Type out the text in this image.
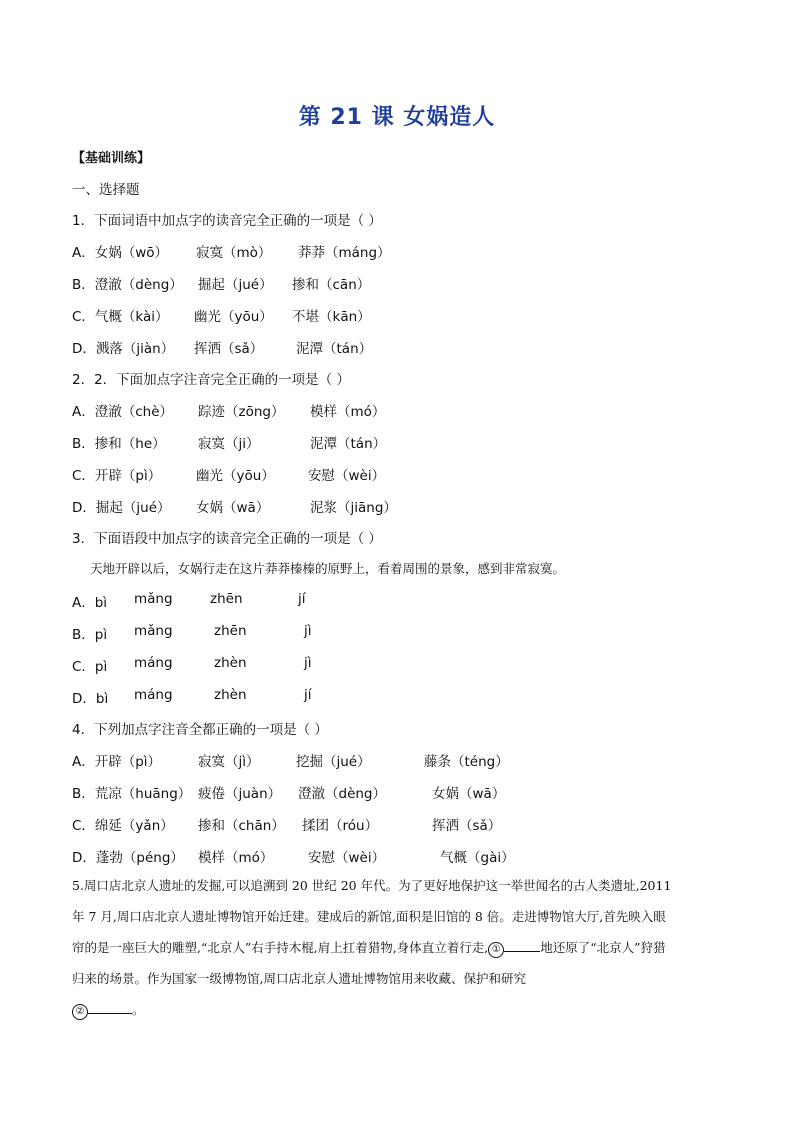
第 21 课 女娲造人
【基础训练】
一、选择题
1．下面词语中加点字的读音完全正确的一项是（ ）
A．女娲（wō） 寂寞（mò） 莽莽（máng）
B．澄澈（dèng） 掘起（jué） 掺和（cān）
C．气概（kài） 幽光（yōu） 不堪（kān）
D．溅落（jiàn） 挥洒（sǎ） 泥潭（tán）
2．2．下面加点字注音完全正确的一项是（ ）
A．澄澈（chè） 踪迹（zōng） 模样（mó）
B．掺和（he） 寂寞（ji）	泥潭（tán）
C．开辟（pì）	幽光（yōu） 安慰（wèi）
D．掘起（jué） 女娲（wā）	泥浆（jiāng）
3．下面语段中加点字的读音完全正确的一项是（ ）
天地开辟以后，女娲行走在这片莽莽榛榛的原野上，看着周围的景象，感到非常寂寞。
A．bì mǎng	zhēn	jí
B．pì mǎng	zhēn	jì
C．pì máng	zhèn	jì
D．bì máng	zhèn	jí
4．下列加点字注音全都正确的一项是（ ）
A．开辟（pì）	寂寞（jì）	挖掘（jué）	藤条（téng）
B．荒凉（huāng） 疲倦（juàn） 澄澈（dèng）	女娲（wā）
C．绵延（yǎn） 掺和（chān） 揉团（róu）	挥洒（sǎ）
D．蓬勃（péng） 模样（mó）	安慰（wèi）	气概（gài）
5.周口店北京人遗址的发掘,可以追溯到 20 世纪 20 年代。为了更好地保护这一举世闻名的古人类遗址,2011
年 7 月,周口店北京人遗址博物馆开始迁建。建成后的新馆,面积是旧馆的 8 倍。走进博物馆大厅,首先映入眼
帘的是一座巨大的雕塑,“北京人”右手持木棍,肩上扛着猎物,身体直立着行走, ①	地还原了“北京人”狩猎
归来的场景。作为国家一级博物馆,周口店北京人遗址博物馆用来收藏、保护和研究
②	。
